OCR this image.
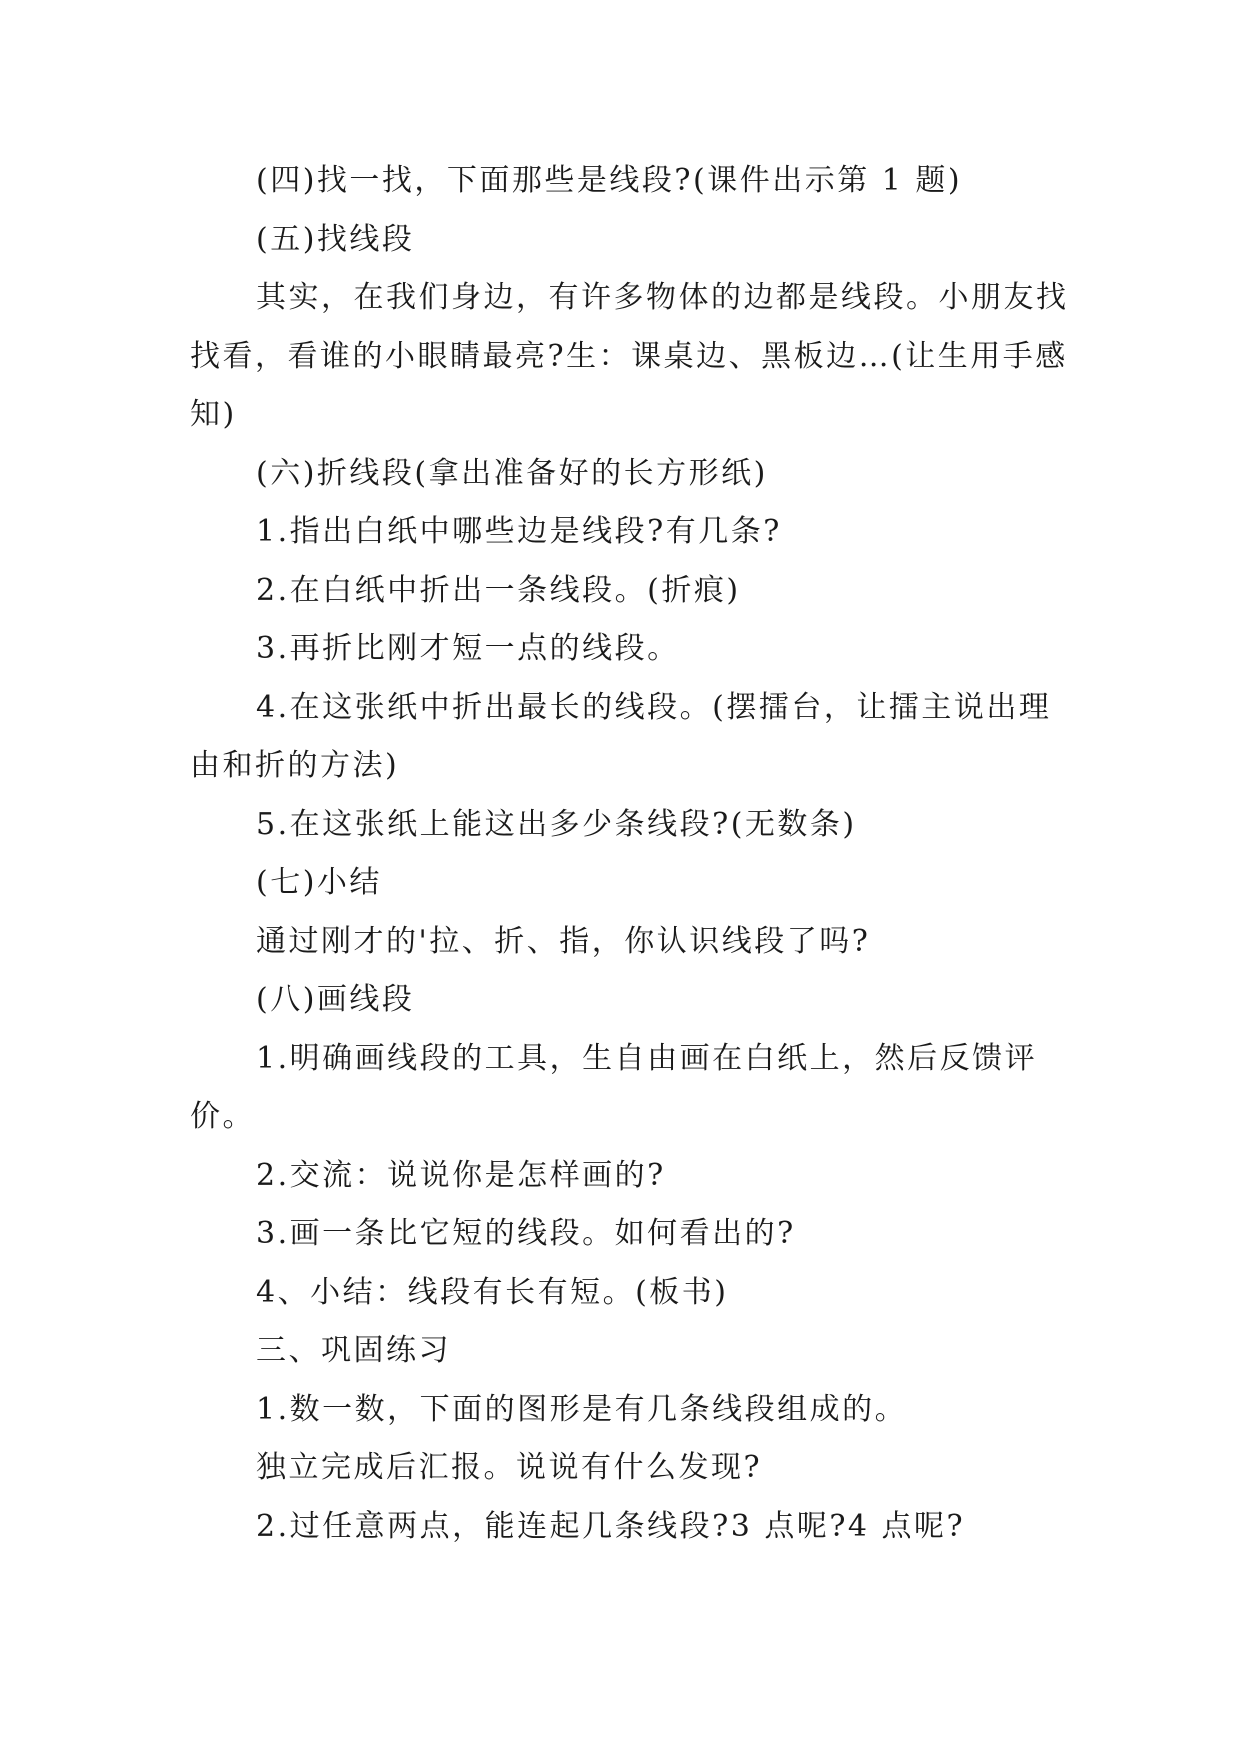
(四)找一找，下面那些是线段?(课件出示第 1 题)

(五)找线段

其实，在我们身边，有许多物体的边都是线段。小朋友找找看，看谁的小眼睛最亮?生：课桌边、黑板边…(让生用手感知)

(六)折线段(拿出准备好的长方形纸)

1.指出白纸中哪些边是线段?有几条?

2.在白纸中折出一条线段。(折痕)

3.再折比刚才短一点的线段。

4.在这张纸中折出最长的线段。(摆擂台，让擂主说出理由和折的方法)

5.在这张纸上能这出多少条线段?(无数条)

(七)小结

通过刚才的'拉、折、指，你认识线段了吗?

(八)画线段

1.明确画线段的工具，生自由画在白纸上，然后反馈评价。

2.交流：说说你是怎样画的?

3.画一条比它短的线段。如何看出的?

4、小结：线段有长有短。(板书)

三、巩固练习

1.数一数，下面的图形是有几条线段组成的。

独立完成后汇报。说说有什么发现?

2.过任意两点，能连起几条线段?3 点呢?4 点呢?
